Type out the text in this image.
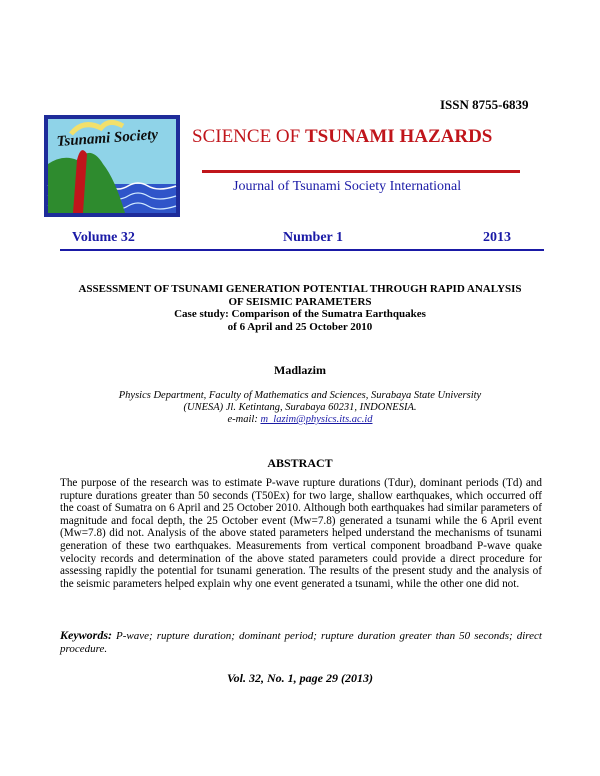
ISSN 8755-6839
Tsunami Society SCIENCE OF TSUNAMI HAZARDS
Journal of Tsunami Society International
Volume 32	Number 1	2013
ASSESSMENT OF TSUNAMI GENERATION POTENTIAL THROUGH RAPID ANALYSIS
OF SEISMIC PARAMETERS
Case study: Comparison of the Sumatra Earthquakes
of 6 April and 25 October 2010
Madlazim
Physics Department, Faculty of Mathematics and Sciences, Surabaya State University
(UNESA) Jl. Ketintang, Surabaya 60231, INDONESIA.
e-mail: m_lazim@physics.its.ac.id
ABSTRACT
The purpose of the research was to estimate P-wave rupture durations (Tdur), dominant periods (Td) and rupture durations greater than 50 seconds (T50Ex) for two large, shallow earthquakes, which occurred off the coast of Sumatra on 6 April and 25 October 2010. Although both earthquakes had similar parameters of magnitude and focal depth, the 25 October event (Mw=7.8) generated a tsunami while the 6 April event (Mw=7.8) did not. Analysis of the above stated parameters helped understand the mechanisms of tsunami generation of these two earthquakes. Measurements from vertical component broadband P-wave quake velocity records and determination of the above stated parameters could provide a direct procedure for assessing rapidly the potential for tsunami generation. The results of the present study and the analysis of the seismic parameters helped explain why one event generated a tsunami, while the other one did not.
Keywords: P-wave; rupture duration; dominant period; rupture duration greater than 50 seconds; direct procedure.
Vol. 32, No. 1, page 29 (2013)
